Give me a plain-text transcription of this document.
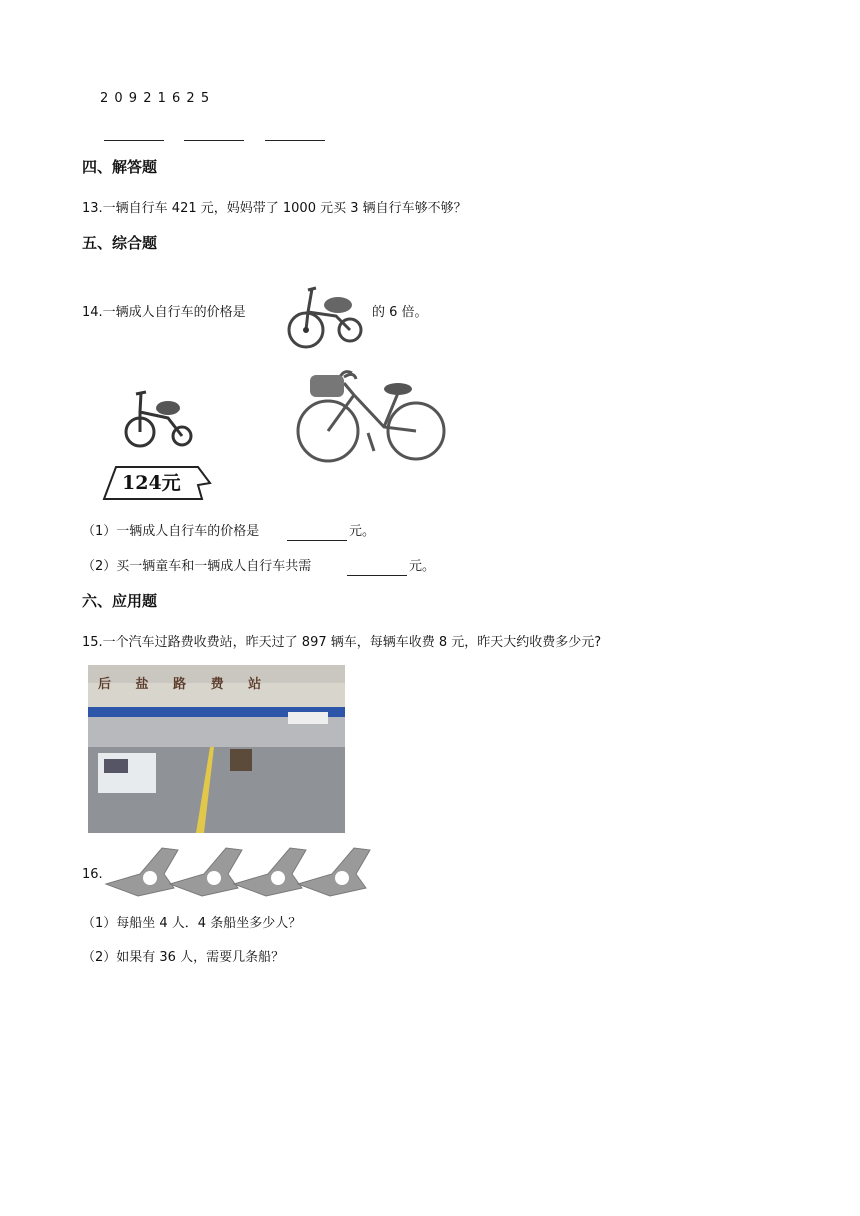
2 0 9 2 1 6 2 5
四、解答题
13.一辆自行车 421 元，妈妈带了 1000 元买 3 辆自行车够不够？
五、综合题
14.一辆成人自行车的价格是	的 6 倍。
124元
（1）一辆成人自行车的价格是	元。
（2）买一辆童车和一辆成人自行车共需	元。
六、应用题
15.一个汽车过路费收费站，昨天过了 897 辆车，每辆车收费 8 元，昨天大约收费多少元?
后 盐 路 费 站
16.
（1）每船坐 4 人．4 条船坐多少人？
（2）如果有 36 人，需要几条船？
